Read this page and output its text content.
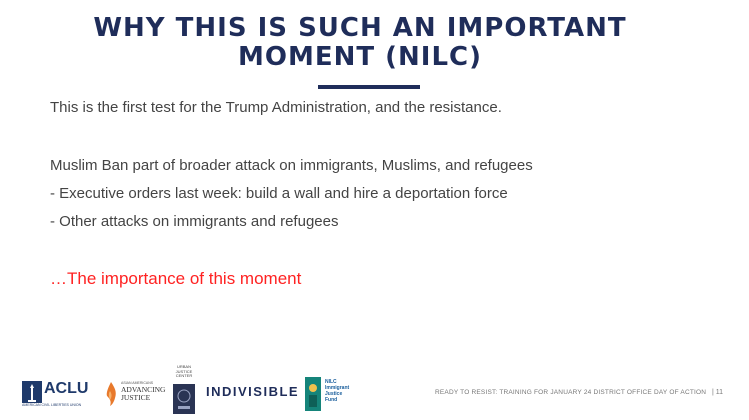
WHY THIS IS SUCH AN IMPORTANT
MOMENT (NILC)
This is the first test for the Trump Administration, and the resistance.
Muslim Ban part of broader attack on immigrants, Muslims, and refugees
- Executive orders last week: build a wall and hire a deportation force
- Other attacks on immigrants and refugees
…The importance of this moment
ACLU
AMERICAN CIVIL LIBERTIES UNION
ASIAN AMERICANS
ADVANCING
JUSTICE
URBAN
JUSTICE
CENTER
INDIVISIBLE
NILC
Immigrant
Justice
Fund
READY TO RESIST: TRAINING FOR JANUARY 24 DISTRICT OFFICE DAY OF ACTION | 11
